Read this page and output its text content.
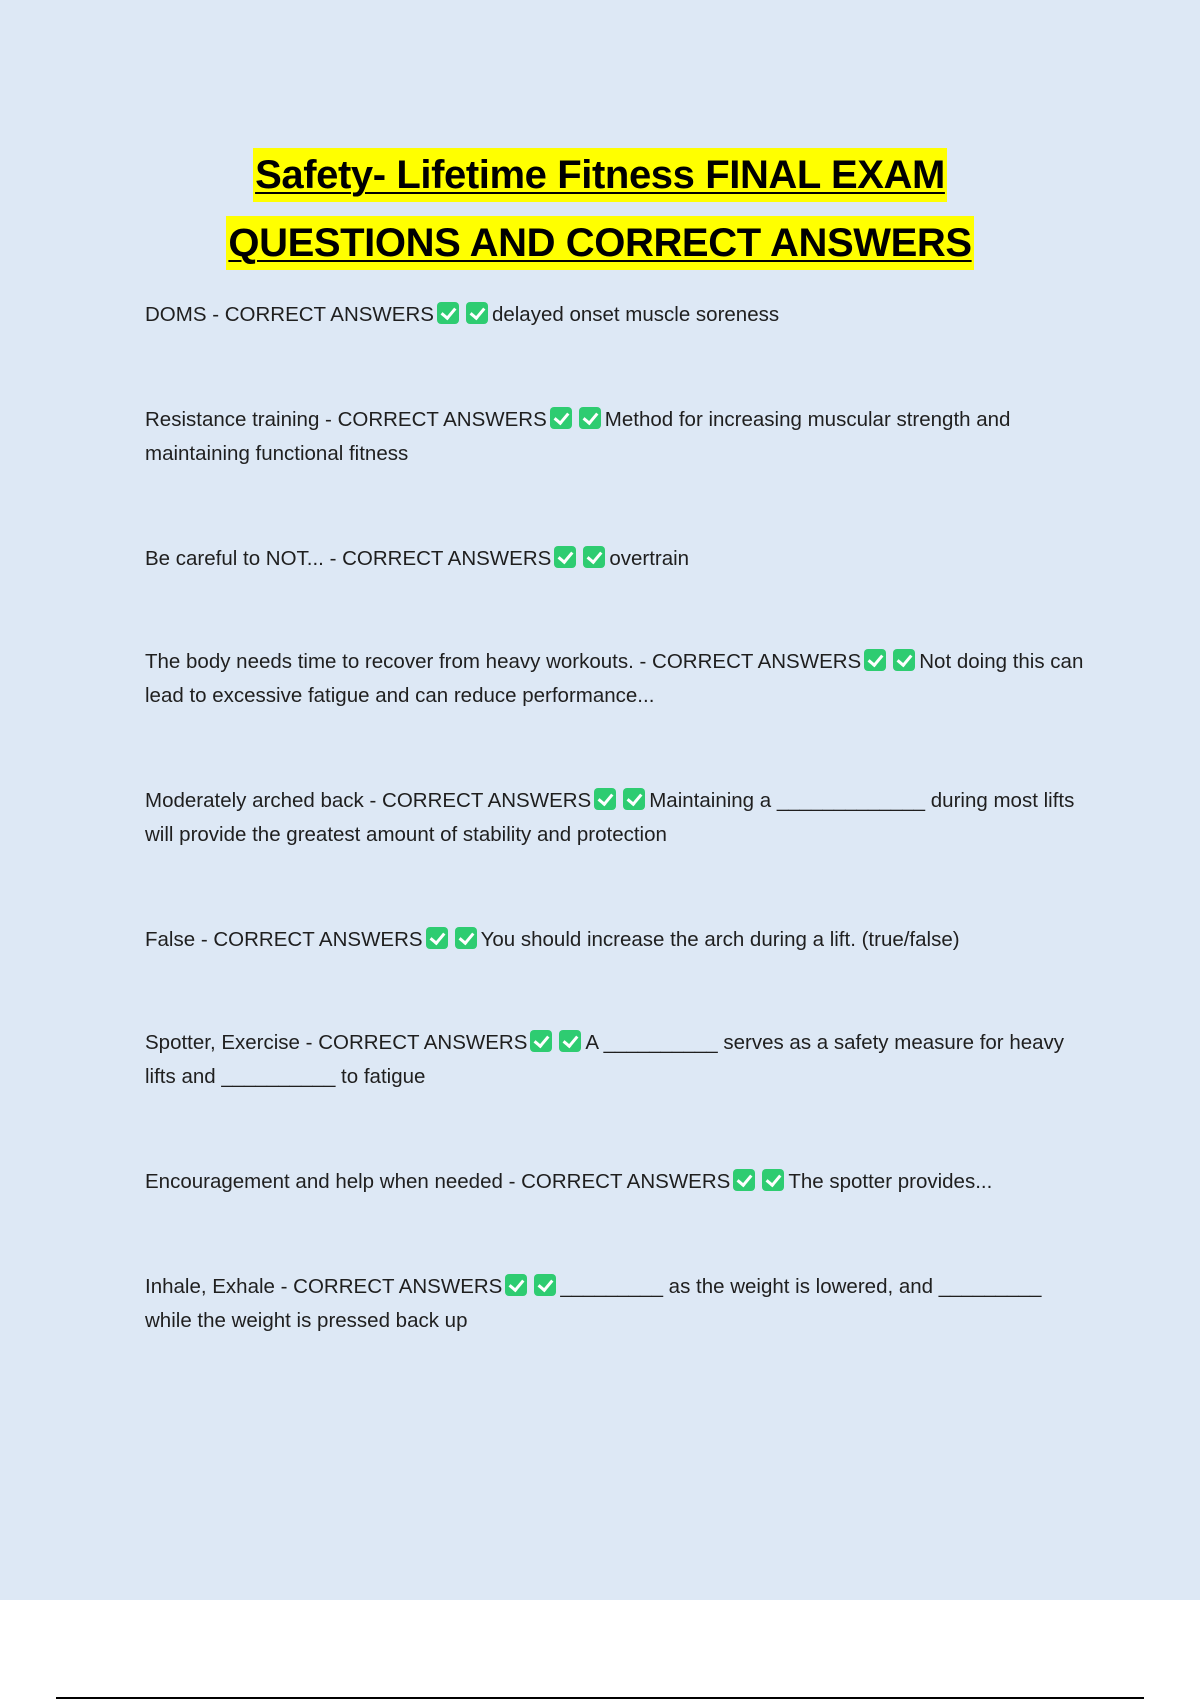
Safety- Lifetime Fitness FINAL EXAM
QUESTIONS AND CORRECT ANSWERS

DOMS - CORRECT ANSWERS	delayed onset muscle soreness

Resistance training - CORRECT ANSWERS	Method for increasing muscular strength and maintaining functional fitness

Be careful to NOT... - CORRECT ANSWERS	overtrain

The body needs time to recover from heavy workouts. - CORRECT ANSWERS	Not doing this can lead to excessive fatigue and can reduce performance...

Moderately arched back - CORRECT ANSWERS	Maintaining a _____________ during most lifts will provide the greatest amount of stability and protection

False - CORRECT ANSWERS	You should increase the arch during a lift. (true/false)

Spotter, Exercise - CORRECT ANSWERS	A __________ serves as a safety measure for heavy lifts and __________ to fatigue

Encouragement and help when needed - CORRECT ANSWERS	The spotter provides...

Inhale, Exhale - CORRECT ANSWERS	_________ as the weight is lowered, and _________ while the weight is pressed back up
